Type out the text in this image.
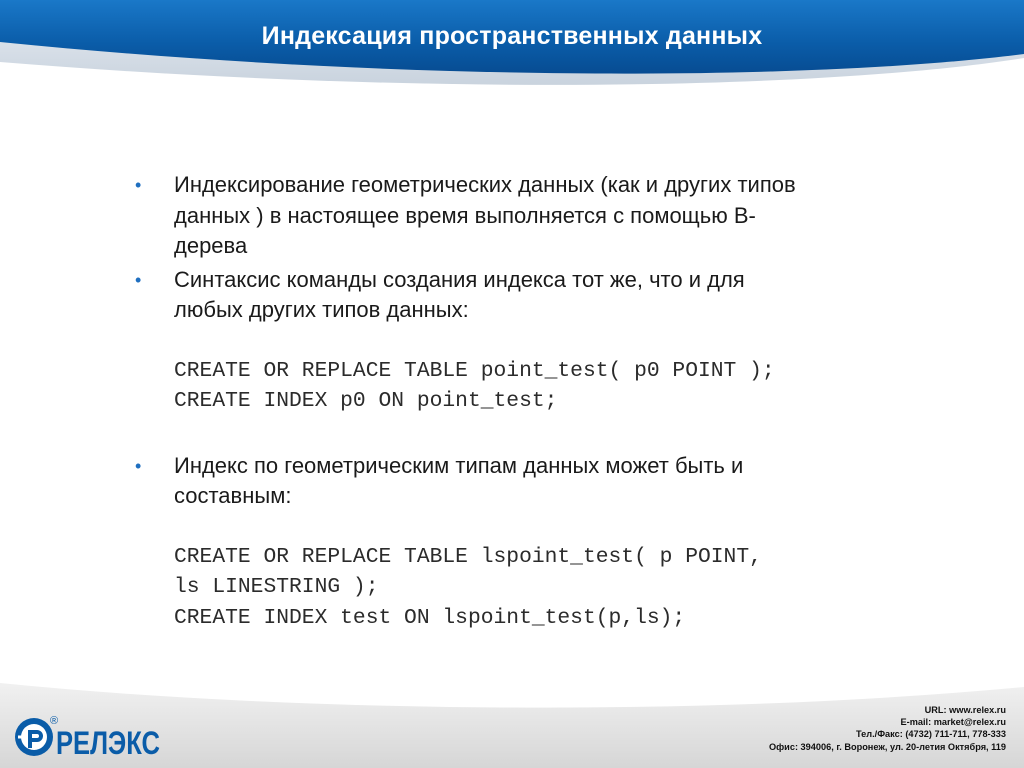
Индексация пространственных данных
• Индексирование геометрических данных (как и других типов
данных ) в настоящее время выполняется с помощью B-
дерева
• Синтаксис команды создания индекса тот же, что и для
любых других типов данных:
CREATE OR REPLACE TABLE point_test( p0 POINT );
CREATE INDEX p0 ON point_test;
• Индекс по геометрическим типам данных может быть и
составным:
CREATE OR REPLACE TABLE lspoint_test( p POINT,
ls LINESTRING );
CREATE INDEX test ON lspoint_test(p,ls);
РЕЛЭКС
®
URL: www.relex.ru
E-mail: market@relex.ru
Тел./Факс: (4732) 711-711, 778-333
Офис: 394006, г. Воронеж, ул. 20-летия Октября, 119
